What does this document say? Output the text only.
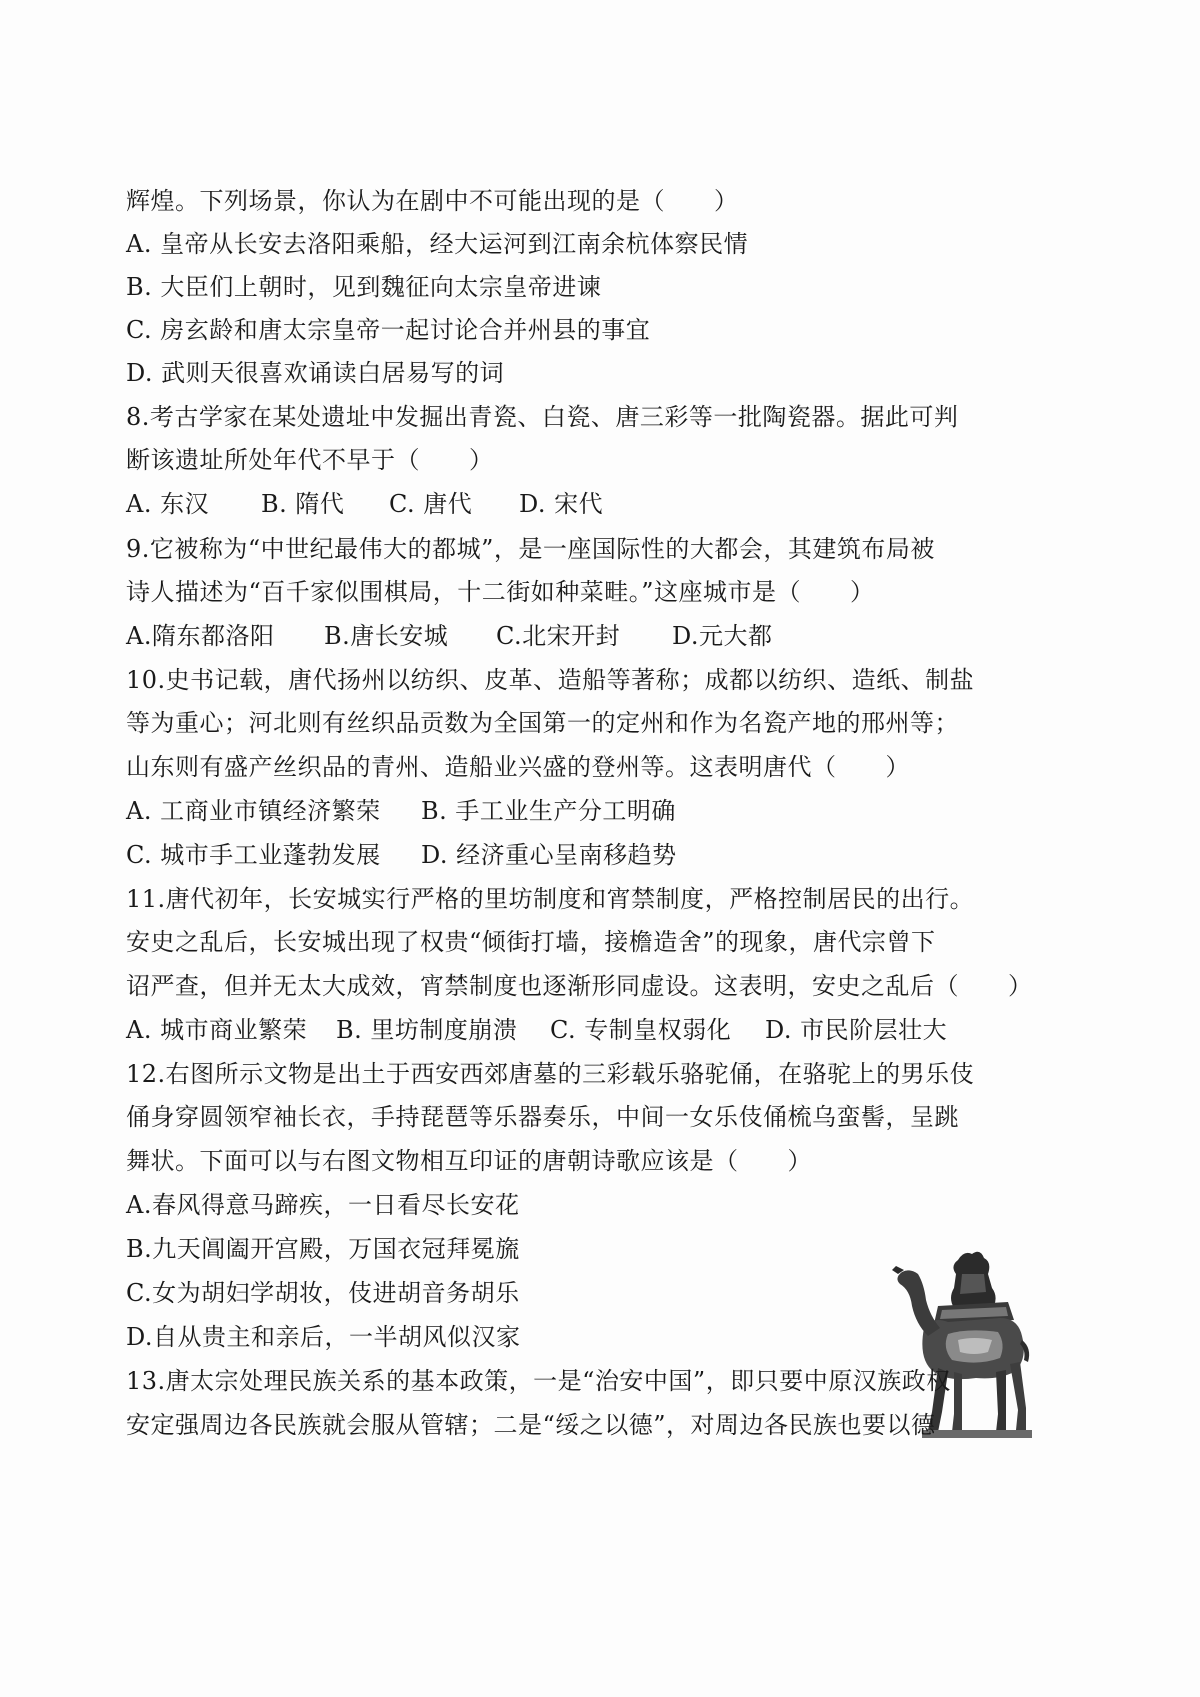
辉煌。下列场景，你认为在剧中不可能出现的是（　　）
A. 皇帝从长安去洛阳乘船，经大运河到江南余杭体察民情
B. 大臣们上朝时，见到魏征向太宗皇帝进谏
C. 房玄龄和唐太宗皇帝一起讨论合并州县的事宜
D. 武则天很喜欢诵读白居易写的词
8.考古学家在某处遗址中发掘出青瓷、白瓷、唐三彩等一批陶瓷器。据此可判
断该遗址所处年代不早于（　　）
A. 东汉 B. 隋代 C. 唐代 D. 宋代
9.它被称为“中世纪最伟大的都城”，是一座国际性的大都会，其建筑布局被
诗人描述为“百千家似围棋局，十二街如种菜畦。”这座城市是（　　）
A.隋东都洛阳 B.唐长安城 C.北宋开封 D.元大都
10.史书记载，唐代扬州以纺织、皮革、造船等著称；成都以纺织、造纸、制盐
等为重心；河北则有丝织品贡数为全国第一的定州和作为名瓷产地的邢州等；
山东则有盛产丝织品的青州、造船业兴盛的登州等。这表明唐代（　　）
A. 工商业市镇经济繁荣 B. 手工业生产分工明确
C. 城市手工业蓬勃发展 D. 经济重心呈南移趋势
11.唐代初年，长安城实行严格的里坊制度和宵禁制度，严格控制居民的出行。
安史之乱后，长安城出现了权贵“倾街打墙，接檐造舍”的现象，唐代宗曾下
诏严查，但并无太大成效，宵禁制度也逐渐形同虚设。这表明，安史之乱后（　　）
A. 城市商业繁荣 B. 里坊制度崩溃 C. 专制皇权弱化 D. 市民阶层壮大
12.右图所示文物是出土于西安西郊唐墓的三彩载乐骆驼俑，在骆驼上的男乐伎
俑身穿圆领窄袖长衣，手持琵琶等乐器奏乐，中间一女乐伎俑梳乌蛮髻，呈跳
舞状。下面可以与右图文物相互印证的唐朝诗歌应该是（　　）
A.春风得意马蹄疾，一日看尽长安花
B.九天阊阖开宫殿，万国衣冠拜冕旒
C.女为胡妇学胡妆，伎进胡音务胡乐
D.自从贵主和亲后，一半胡风似汉家
13.唐太宗处理民族关系的基本政策，一是“治安中国”，即只要中原汉族政权
安定强周边各民族就会服从管辖；二是“绥之以德”，对周边各民族也要以德
